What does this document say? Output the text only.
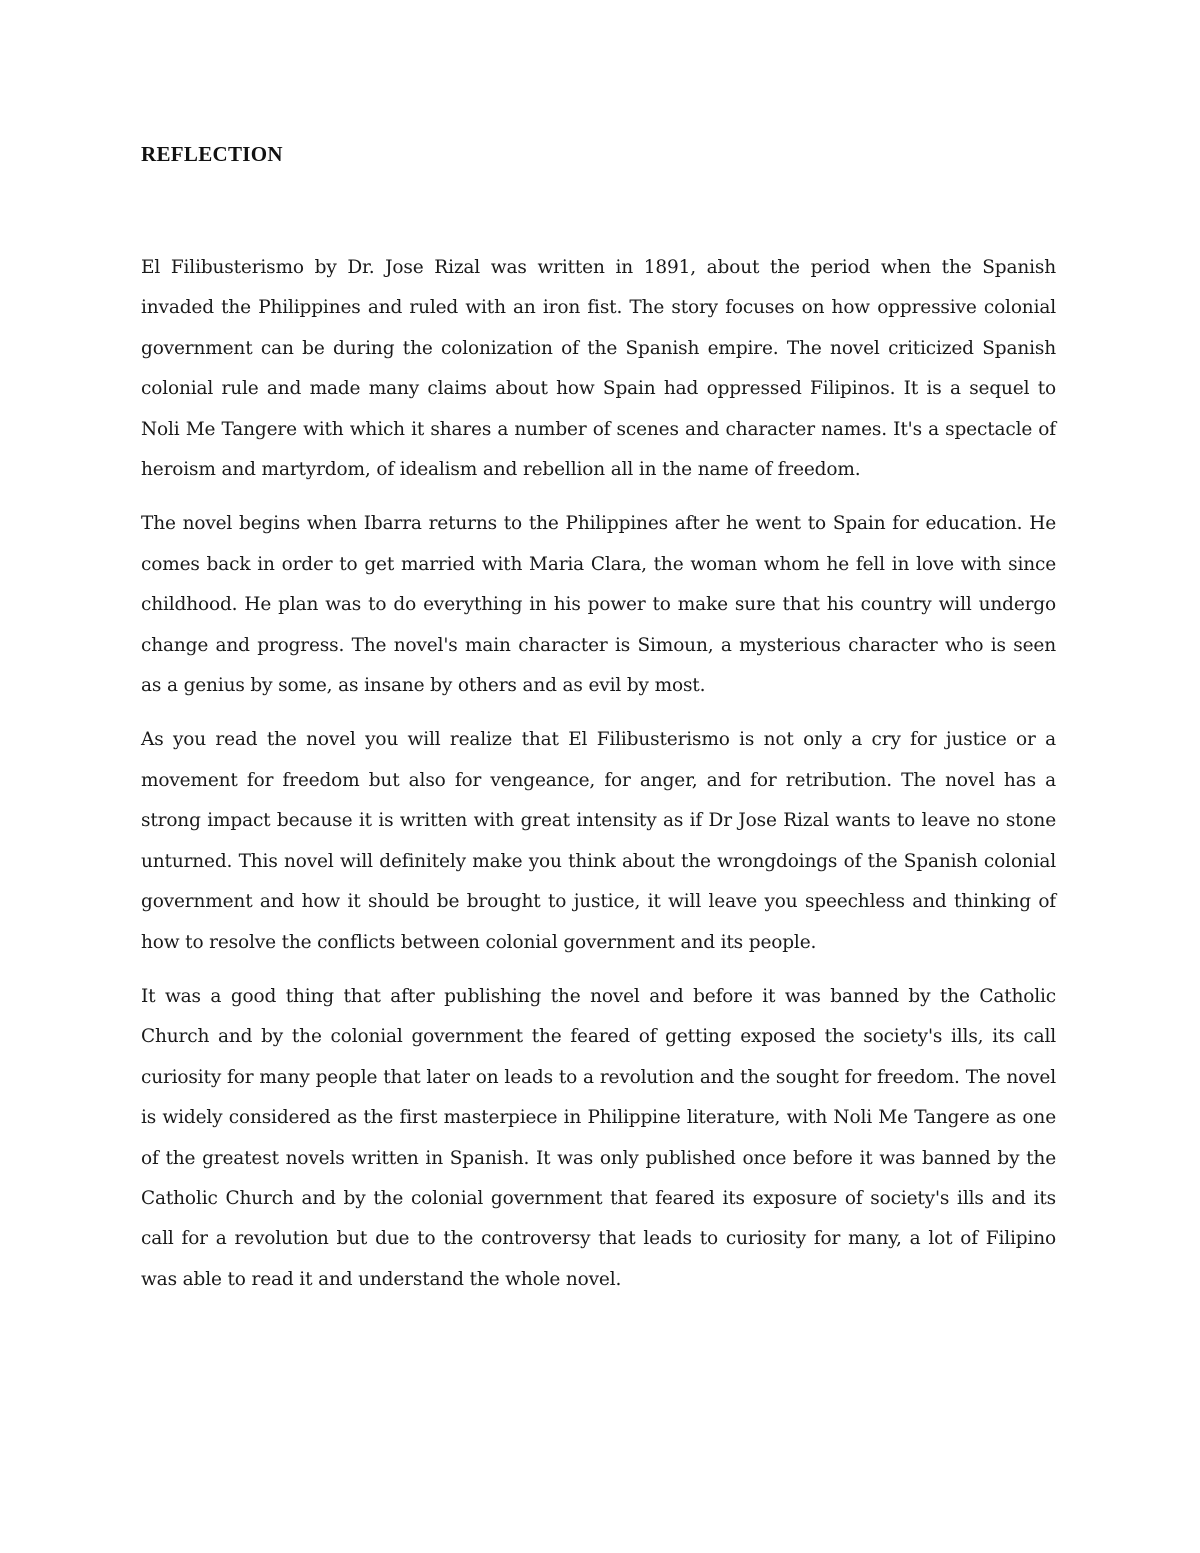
REFLECTION

El Filibusterismo by Dr. Jose Rizal was written in 1891, about the period when the Spanish invaded the Philippines and ruled with an iron fist. The story focuses on how oppressive colonial government can be during the colonization of the Spanish empire. The novel criticized Spanish colonial rule and made many claims about how Spain had oppressed Filipinos. It is a sequel to Noli Me Tangere with which it shares a number of scenes and character names. It's a spectacle of heroism and martyrdom, of idealism and rebellion all in the name of freedom.

The novel begins when Ibarra returns to the Philippines after he went to Spain for education. He comes back in order to get married with Maria Clara, the woman whom he fell in love with since childhood. He plan was to do everything in his power to make sure that his country will undergo change and progress. The novel's main character is Simoun, a mysterious character who is seen as a genius by some, as insane by others and as evil by most.

As you read the novel you will realize that El Filibusterismo is not only a cry for justice or a movement for freedom but also for vengeance, for anger, and for retribution. The novel has a strong impact because it is written with great intensity as if Dr Jose Rizal wants to leave no stone unturned. This novel will definitely make you think about the wrongdoings of the Spanish colonial government and how it should be brought to justice, it will leave you speechless and thinking of how to resolve the conflicts between colonial government and its people.

It was a good thing that after publishing the novel and before it was banned by the Catholic Church and by the colonial government the feared of getting exposed the society's ills, its call curiosity for many people that later on leads to a revolution and the sought for freedom. The novel is widely considered as the first masterpiece in Philippine literature, with Noli Me Tangere as one of the greatest novels written in Spanish. It was only published once before it was banned by the Catholic Church and by the colonial government that feared its exposure of society's ills and its call for a revolution but due to the controversy that leads to curiosity for many, a lot of Filipino was able to read it and understand the whole novel.
